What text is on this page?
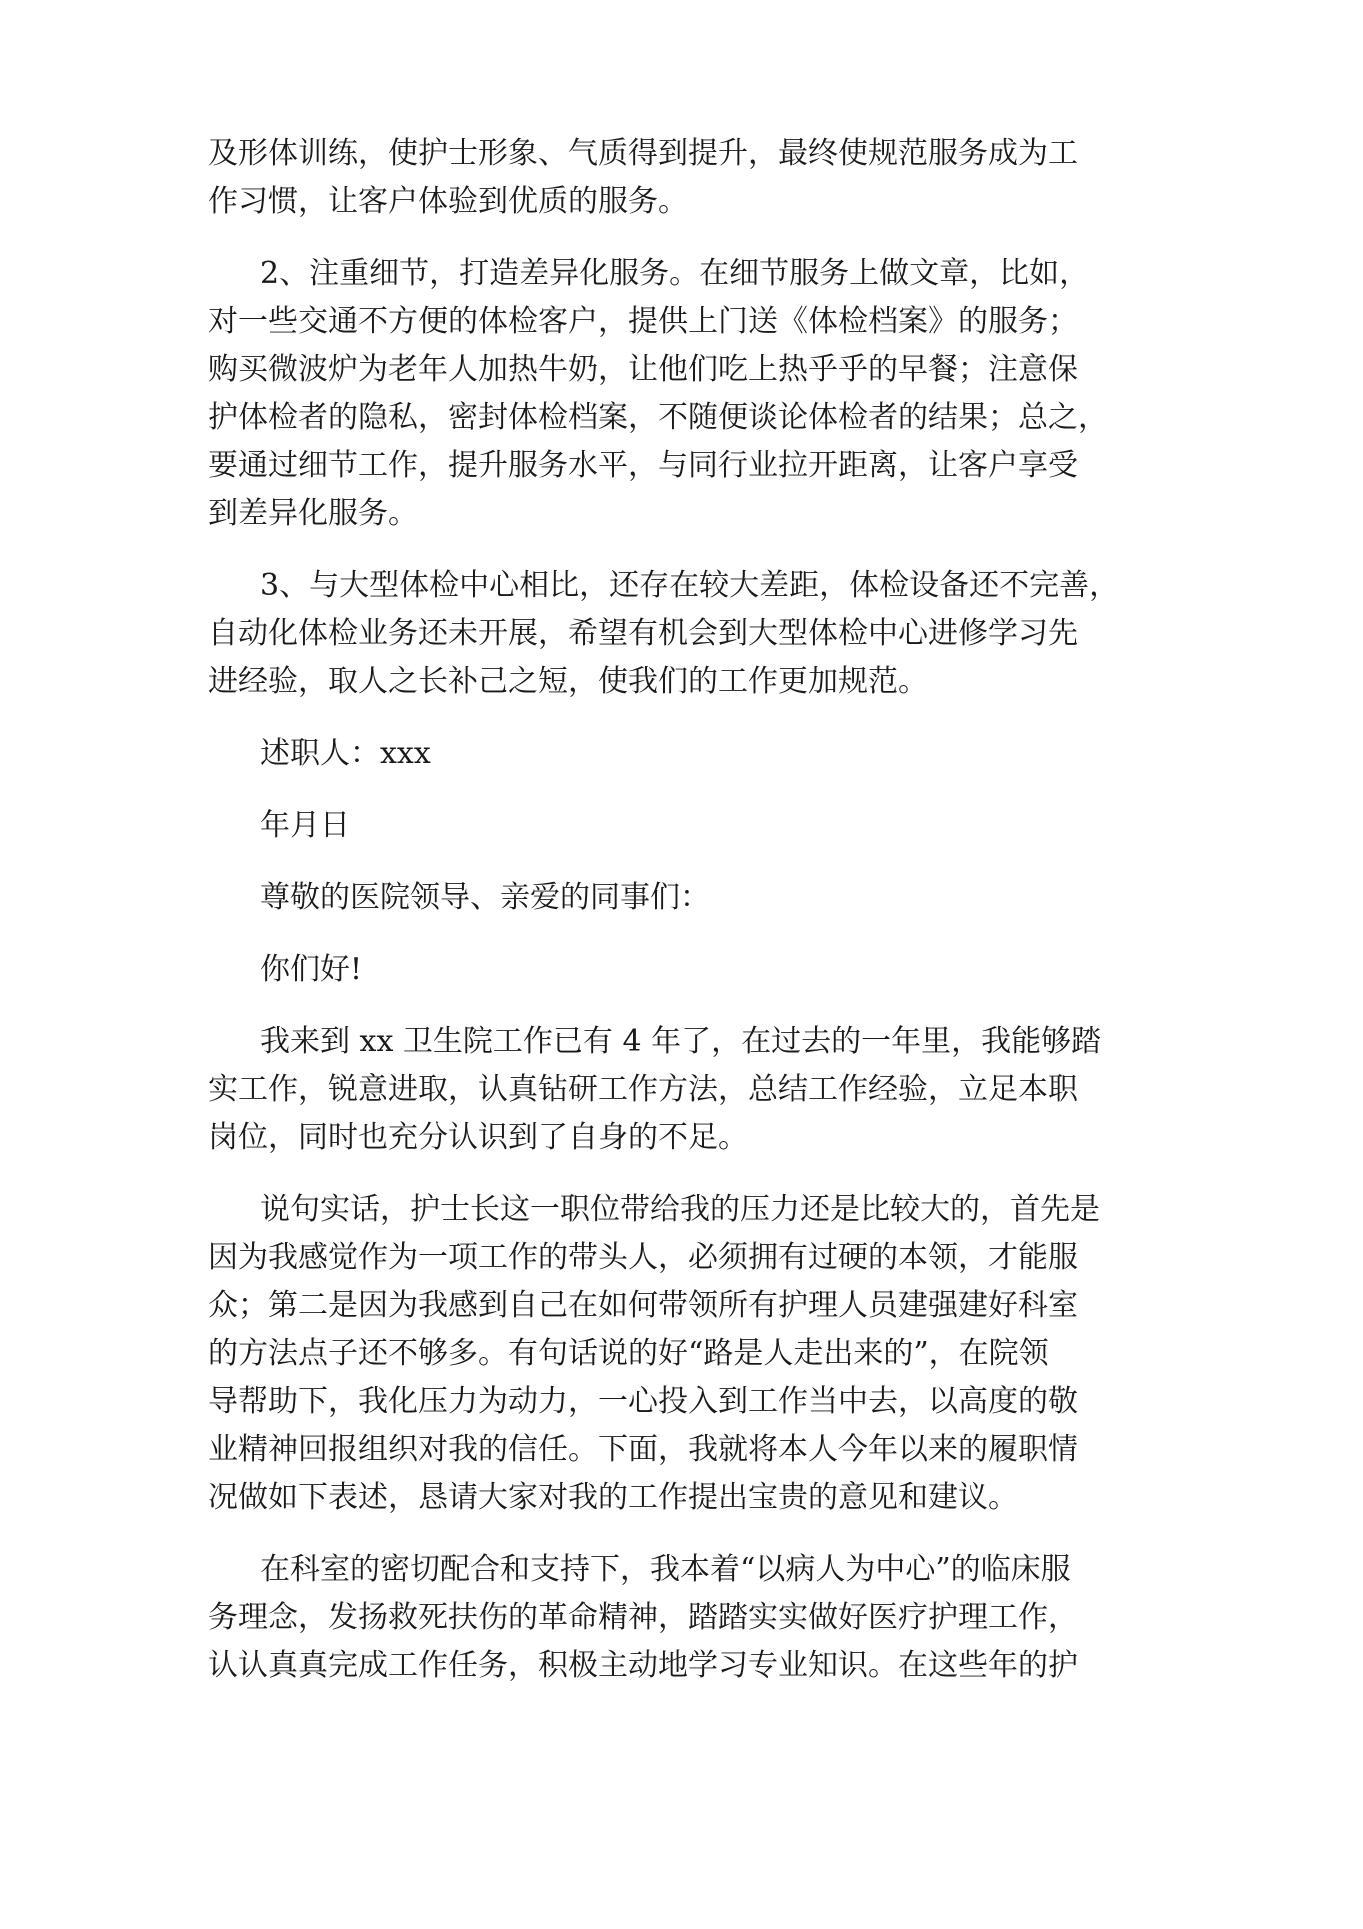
及形体训练，使护士形象、气质得到提升，最终使规范服务成为工
作习惯，让客户体验到优质的服务。

2、注重细节，打造差异化服务。在细节服务上做文章，比如，
对一些交通不方便的体检客户，提供上门送《体检档案》的服务；
购买微波炉为老年人加热牛奶，让他们吃上热乎乎的早餐；注意保
护体检者的隐私，密封体检档案，不随便谈论体检者的结果；总之，
要通过细节工作，提升服务水平，与同行业拉开距离，让客户享受
到差异化服务。

3、与大型体检中心相比，还存在较大差距，体检设备还不完善，
自动化体检业务还未开展，希望有机会到大型体检中心进修学习先
进经验，取人之长补己之短，使我们的工作更加规范。

述职人：xxx

年月日

尊敬的医院领导、亲爱的同事们：

你们好!

我来到 xx 卫生院工作已有 4 年了，在过去的一年里，我能够踏
实工作，锐意进取，认真钻研工作方法，总结工作经验，立足本职
岗位，同时也充分认识到了自身的不足。

说句实话，护士长这一职位带给我的压力还是比较大的，首先是
因为我感觉作为一项工作的带头人，必须拥有过硬的本领，才能服
众；第二是因为我感到自己在如何带领所有护理人员建强建好科室
的方法点子还不够多。有句话说的好“路是人走出来的”，在院领
导帮助下，我化压力为动力，一心投入到工作当中去，以高度的敬
业精神回报组织对我的信任。下面，我就将本人今年以来的履职情
况做如下表述，恳请大家对我的工作提出宝贵的意见和建议。

在科室的密切配合和支持下，我本着“以病人为中心”的临床服
务理念，发扬救死扶伤的革命精神，踏踏实实做好医疗护理工作，
认认真真完成工作任务，积极主动地学习专业知识。在这些年的护
